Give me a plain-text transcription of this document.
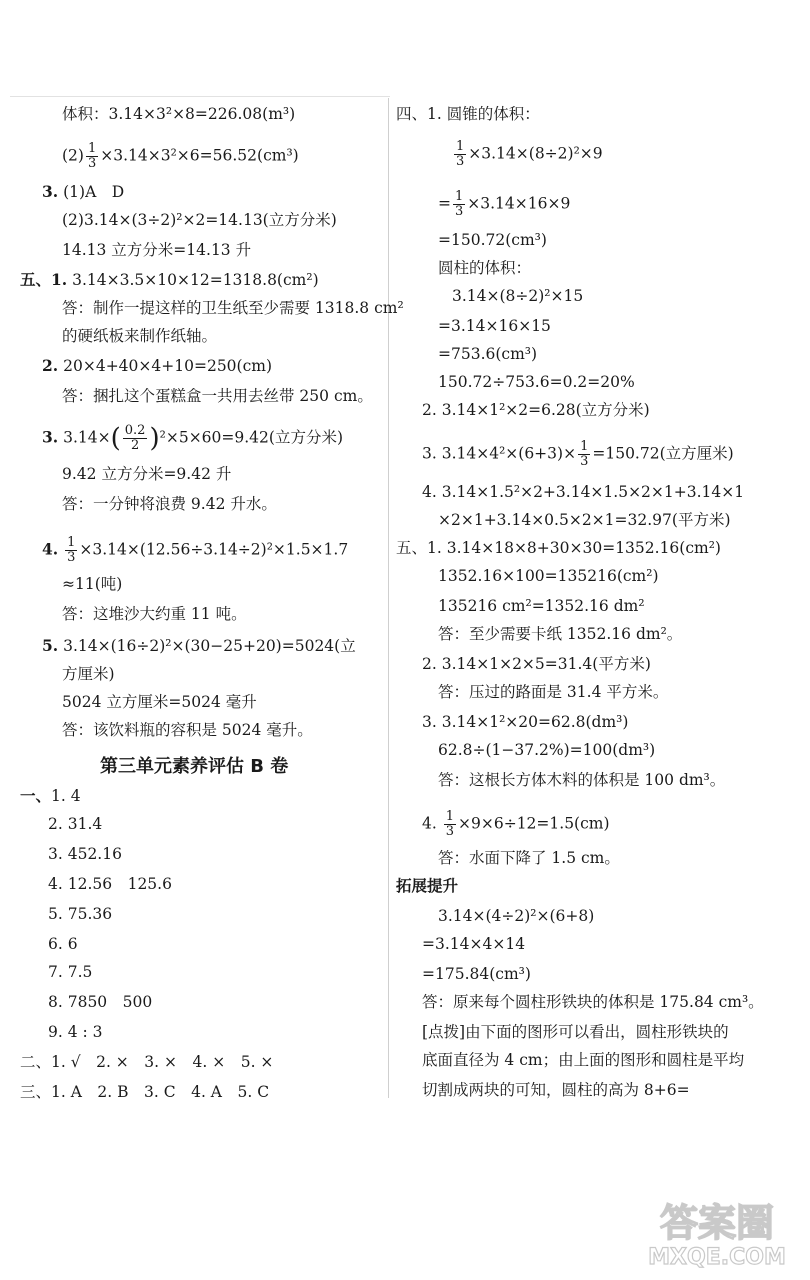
体积：3.14×3²×8=226.08(m³)
$(2) \frac{1}{3} \times 3.14\times 3^2\times 6=56.52(cm^3)$
3. (1)A　D
(2)3.14×(3÷2)²×2=14.13(立方分米)
14.13 立方分米=14.13 升
五、1. 3.14×3.5×10×12=1318.8(cm²)
答：制作一提这样的卫生纸至少需要 1318.8 cm²
的硬纸板来制作纸轴。
2. 20×4+40×4+10=250(cm)
答：捆扎这个蛋糕盒一共用去丝带 250 cm。
3. $3.14\times( \frac{0.2}{2} )^2\times 5\times 60=9.42$(立方分米)
9.42 立方分米=9.42 升
答：一分钟将浪费 9.42 升水。
4. $\frac{1}{3} \times 3.14\times(12.56\div 3.14\div 2)^2\times 1.5\times 1.7$
≈11(吨)
答：这堆沙大约重 11 吨。
5. 3.14×(16÷2)²×(30−25+20)=5024(立
方厘米)
5024 立方厘米=5024 毫升
答：该饮料瓶的容积是 5024 毫升。
第三单元素养评估 B 卷
一、1. 4
2. 31.4
3. 452.16
4. 12.56　125.6
5. 75.36
6. 6
7. 7.5
8. 7850　500
9. 4 : 3
二、1. √　2. ×　3. ×　4. ×　5. ×
三、1. A　2. B　3. C　4. A　5. C
四、1. 圆锥的体积：
$\frac{1}{3} \times 3.14\times(8\div 2)^2\times 9$
= $\frac{1}{3} \times 3.14\times 16\times 9$
=150.72(cm³)
圆柱的体积：
3.14×(8÷2)²×15
=3.14×16×15
=753.6(cm³)
150.72÷753.6=0.2=20%
2. 3.14×1²×2=6.28(立方分米)
3. $3.14\times 4^2\times(6+3)\times \frac{1}{3} =150.72$(立方厘米)
4. 3.14×1.5²×2+3.14×1.5×2×1+3.14×1
×2×1+3.14×0.5×2×1=32.97(平方米)
五、1. 3.14×18×8+30×30=1352.16(cm²)
1352.16×100=135216(cm²)
135216 cm²=1352.16 dm²
答：至少需要卡纸 1352.16 dm²。
2. 3.14×1×2×5=31.4(平方米)
答：压过的路面是 31.4 平方米。
3. 3.14×1²×20=62.8(dm³)
62.8÷(1−37.2%)=100(dm³)
答：这根长方体木料的体积是 100 dm³。
4. $\frac{1}{3} \times 9\times 6\div 12=1.5(cm)$
答：水面下降了 1.5 cm。
拓展提升
3.14×(4÷2)²×(6+8)
=3.14×4×14
=175.84(cm³)
答：原来每个圆柱形铁块的体积是 175.84 cm³。
[点拨]由下面的图形可以看出，圆柱形铁块的
底面直径为 4 cm；由上面的图形和圆柱是平均
切割成两块的可知，圆柱的高为 8+6=
答案圈
MXQE.COM
